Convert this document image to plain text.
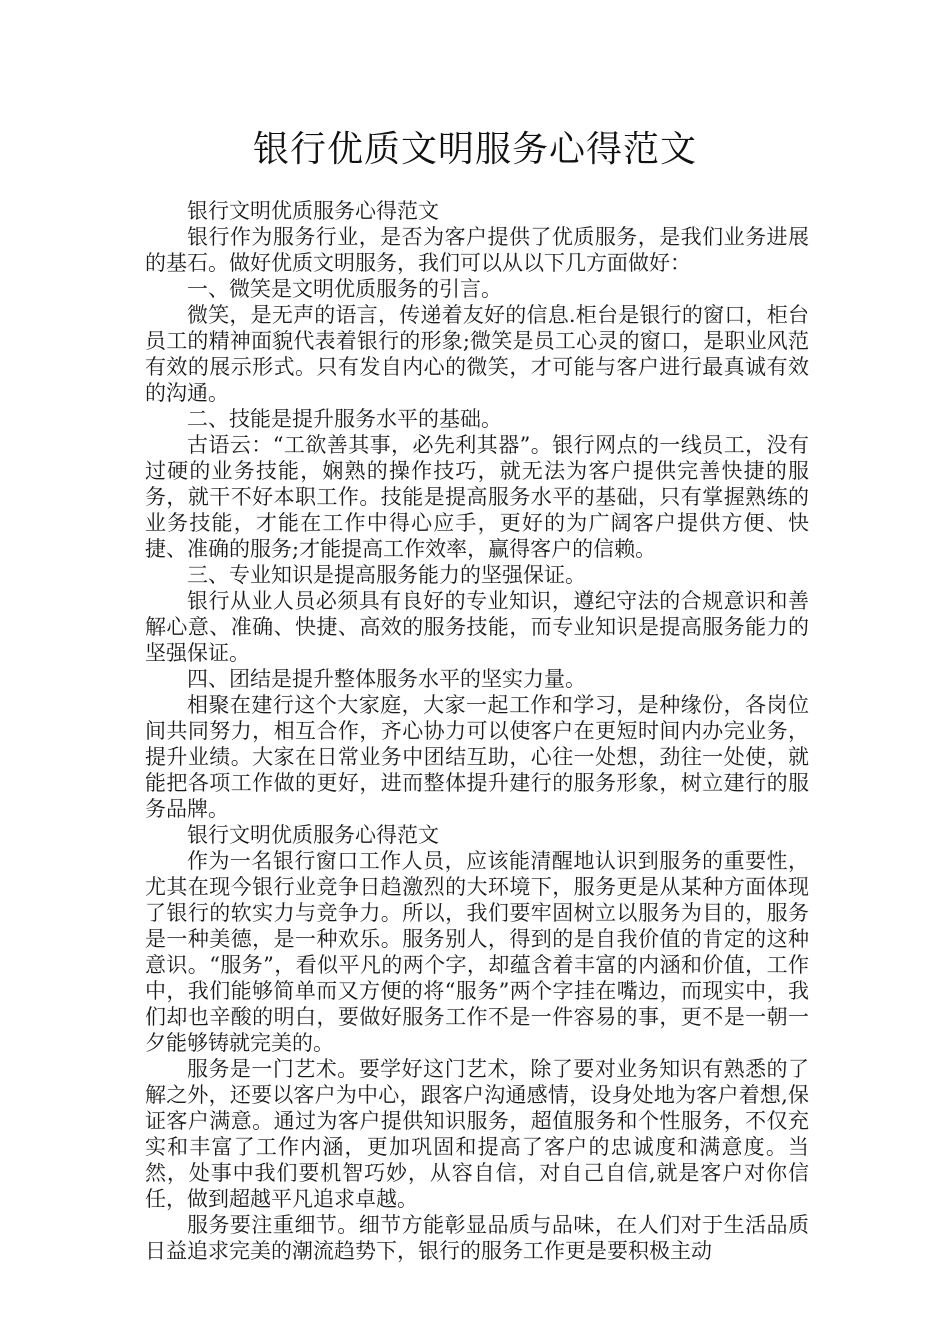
银行优质文明服务心得范文

银行文明优质服务心得范文

银行作为服务行业，是否为客户提供了优质服务，是我们业务进展的基石。做好优质文明服务，我们可以从以下几方面做好：

一、微笑是文明优质服务的引言。

微笑，是无声的语言，传递着友好的信息.柜台是银行的窗口，柜台员工的精神面貌代表着银行的形象;微笑是员工心灵的窗口，是职业风范有效的展示形式。只有发自内心的微笑，才可能与客户进行最真诚有效的沟通。

二、技能是提升服务水平的基础。

古语云：“工欲善其事，必先利其器”。银行网点的一线员工，没有过硬的业务技能，娴熟的操作技巧，就无法为客户提供完善快捷的服务，就干不好本职工作。技能是提高服务水平的基础，只有掌握熟练的业务技能，才能在工作中得心应手，更好的为广阔客户提供方便、快捷、准确的服务;才能提高工作效率，赢得客户的信赖。

三、专业知识是提高服务能力的坚强保证。

银行从业人员必须具有良好的专业知识，遵纪守法的合规意识和善解心意、准确、快捷、高效的服务技能，而专业知识是提高服务能力的坚强保证。

四、团结是提升整体服务水平的坚实力量。

相聚在建行这个大家庭，大家一起工作和学习，是种缘份，各岗位间共同努力，相互合作，齐心协力可以使客户在更短时间内办完业务，提升业绩。大家在日常业务中团结互助，心往一处想，劲往一处使，就能把各项工作做的更好，进而整体提升建行的服务形象，树立建行的服务品牌。

银行文明优质服务心得范文

作为一名银行窗口工作人员，应该能清醒地认识到服务的重要性，尤其在现今银行业竞争日趋激烈的大环境下，服务更是从某种方面体现了银行的软实力与竞争力。所以，我们要牢固树立以服务为目的，服务是一种美德，是一种欢乐。服务别人，得到的是自我价值的肯定的这种意识。“服务”，看似平凡的两个字，却蕴含着丰富的内涵和价值，工作中，我们能够简单而又方便的将“服务”两个字挂在嘴边，而现实中，我们却也辛酸的明白，要做好服务工作不是一件容易的事，更不是一朝一夕能够铸就完美的。

服务是一门艺术。要学好这门艺术，除了要对业务知识有熟悉的了解之外，还要以客户为中心，跟客户沟通感情，设身处地为客户着想,保证客户满意。通过为客户提供知识服务，超值服务和个性服务，不仅充实和丰富了工作内涵，更加巩固和提高了客户的忠诚度和满意度。当然，处事中我们要机智巧妙，从容自信，对自己自信,就是客户对你信任，做到超越平凡追求卓越。

服务要注重细节。细节方能彰显品质与品味，在人们对于生活品质日益追求完美的潮流趋势下，银行的服务工作更是要积极主动
